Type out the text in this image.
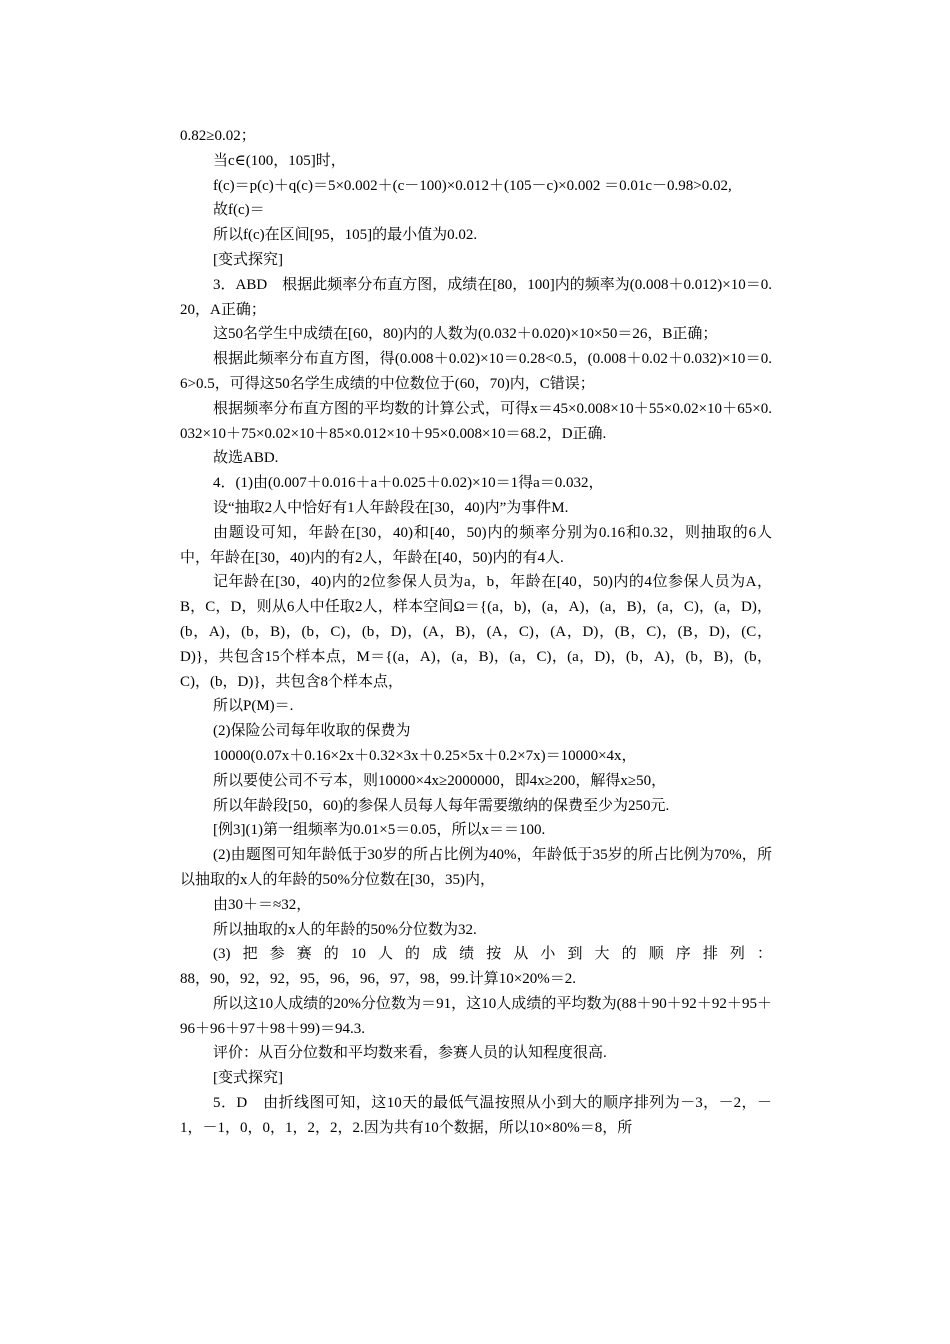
0.82≥0.02；
当c∈(100，105]时，
f(c)＝p(c)＋q(c)＝5×0.002＋(c－100)×0.012＋(105－c)×0.002 ＝0.01c－0.98>0.02,
故f(c)＝
所以f(c)在区间[95，105]的最小值为0.02.
[变式探究]
3．ABD　根据此频率分布直方图，成绩在[80，100]内的频率为(0.008＋0.012)×10＝0.20，A正确；
这50名学生中成绩在[60，80)内的人数为(0.032＋0.020)×10×50＝26，B正确；
根据此频率分布直方图，得(0.008＋0.02)×10＝0.28<0.5，(0.008＋0.02＋0.032)×10＝0.6>0.5，可得这50名学生成绩的中位数位于(60，70)内，C错误；
根据频率分布直方图的平均数的计算公式，可得x＝45×0.008×10＋55×0.02×10＋65×0.032×10＋75×0.02×10＋85×0.012×10＋95×0.008×10＝68.2，D正确.
故选ABD.
4．(1)由(0.007＋0.016＋a＋0.025＋0.02)×10＝1得a＝0.032，
设“抽取2人中恰好有1人年龄段在[30，40)内”为事件M.
由题设可知，年龄在[30，40)和[40，50)内的频率分别为0.16和0.32，则抽取的6人中，年龄在[30，40)内的有2人，年龄在[40，50)内的有4人.
记年龄在[30，40)内的2位参保人员为a，b，年龄在[40，50)内的4位参保人员为A，B，C，D，则从6人中任取2人，样本空间Ω＝{(a，b)，(a，A)，(a，B)，(a，C)，(a，D)，(b，A)，(b，B)，(b，C)，(b，D)，(A，B)，(A，C)，(A，D)，(B，C)，(B，D)，(C，D)}，共包含15个样本点，M＝{(a，A)，(a，B)，(a，C)，(a，D)，(b，A)，(b，B)，(b，C)，(b，D)}，共包含8个样本点，
所以P(M)＝.
(2)保险公司每年收取的保费为
10000(0.07x＋0.16×2x＋0.32×3x＋0.25×5x＋0.2×7x)＝10000×4x，
所以要使公司不亏本，则10000×4x≥2000000，即4x≥200，解得x≥50，
所以年龄段[50，60)的参保人员每人每年需要缴纳的保费至少为250元.
[例3](1)第一组频率为0.01×5＝0.05，所以x＝＝100.
(2)由题图可知年龄低于30岁的所占比例为40%，年龄低于35岁的所占比例为70%，所以抽取的x人的年龄的50%分位数在[30，35)内，
由30＋＝≈32，
所以抽取的x人的年龄的50%分位数为32.
(3)把参赛的10人的成绩按从小到大的顺序排列：
88，90，92，92，95，96，96，97，98，99.计算10×20%＝2.
所以这10人成绩的20%分位数为＝91，这10人成绩的平均数为(88＋90＋92＋92＋95＋96＋96＋97＋98＋99)＝94.3.
评价：从百分位数和平均数来看，参赛人员的认知程度很高.
[变式探究]
5．D　由折线图可知，这10天的最低气温按照从小到大的顺序排列为－3，－2，－1，－1，0，0，1，2，2，2.因为共有10个数据，所以10×80%＝8，所
